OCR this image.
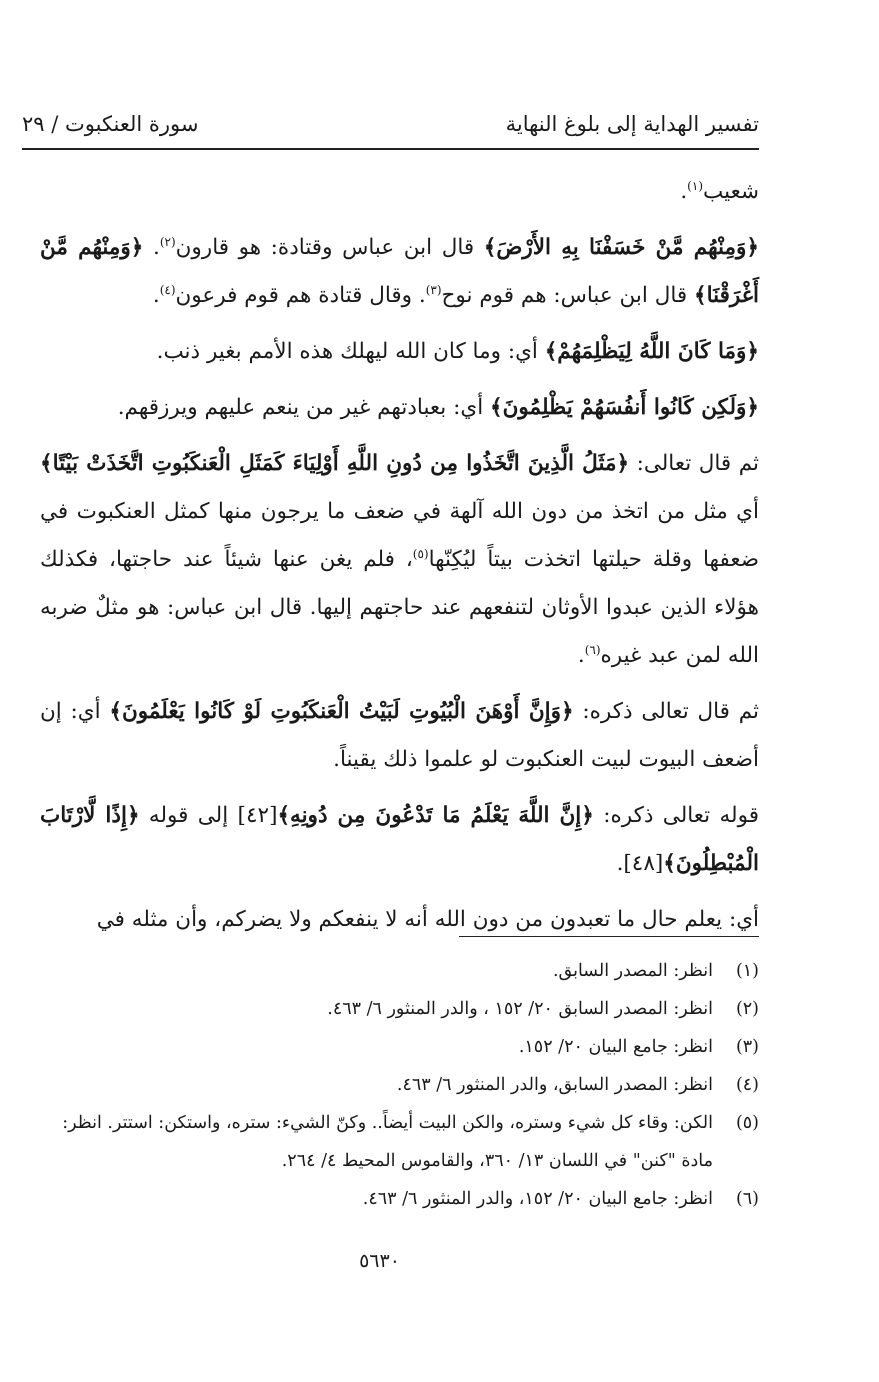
تفسير الهداية إلى بلوغ النهاية
سورة العنكبوت / ٢٩

شعيب$^{(١)}$.

﴿وَمِنْهُم مَّنْ خَسَفْنَا بِهِ الأَرْضَ﴾ قال ابن عباس وقتادة: هو قارون$^{(٢)}$. ﴿وَمِنْهُم مَّنْ أَغْرَقْنَا﴾ قال ابن عباس: هم قوم نوح$^{(٣)}$. وقال قتادة هم قوم فرعون$^{(٤)}$.

﴿وَمَا كَانَ اللَّهُ لِيَظْلِمَهُمْ﴾ أي: وما كان الله ليهلك هذه الأمم بغير ذنب.

﴿وَلَكِن كَانُوا أَنفُسَهُمْ يَظْلِمُونَ﴾ أي: بعبادتهم غير من ينعم عليهم ويرزقهم.

ثم قال تعالى: ﴿مَثَلُ الَّذِينَ اتَّخَذُوا مِن دُونِ اللَّهِ أَوْلِيَاءَ كَمَثَلِ الْعَنكَبُوتِ اتَّخَذَتْ بَيْتًا﴾ أي مثل من اتخذ من دون الله آلهة في ضعف ما يرجون منها كمثل العنكبوت في ضعفها وقلة حيلتها اتخذت بيتاً ليُكِنّها$^{(٥)}$، فلم يغن عنها شيئاً عند حاجتها، فكذلك هؤلاء الذين عبدوا الأوثان لتنفعهم عند حاجتهم إليها. قال ابن عباس: هو مثلٌ ضربه الله لمن عبد غيره$^{(٦)}$.

ثم قال تعالى ذكره: ﴿وَإِنَّ أَوْهَنَ الْبُيُوتِ لَبَيْتُ الْعَنكَبُوتِ لَوْ كَانُوا يَعْلَمُونَ﴾ أي: إن أضعف البيوت لبيت العنكبوت لو علموا ذلك يقيناً.

قوله تعالى ذكره: ﴿إِنَّ اللَّهَ يَعْلَمُ مَا تَدْعُونَ مِن دُونِهِ﴾[٤٢] إلى قوله ﴿إِذًا لَّارْتَابَ الْمُبْطِلُونَ﴾[٤٨].

أي: يعلم حال ما تعبدون من دون الله أنه لا ينفعكم ولا يضركم، وأن مثله في

(١)
انظر: المصدر السابق.
(٢)
انظر: المصدر السابق ٢٠/ ١٥٢ ، والدر المنثور ٦/ ٤٦٣.
(٣)
انظر: جامع البيان ٢٠/ ١٥٢.
(٤)
انظر: المصدر السابق، والدر المنثور ٦/ ٤٦٣.
(٥)
الكن: وقاء كل شيء وستره، والكن البيت أيضاً.. وكنّ الشيء: ستره، واستكن: استتر. انظر: مادة "كنن" في اللسان ١٣/ ٣٦٠، والقاموس المحيط ٤/ ٢٦٤.
(٦)
انظر: جامع البيان ٢٠/ ١٥٢، والدر المنثور ٦/ ٤٦٣.
٥٦٣٠
